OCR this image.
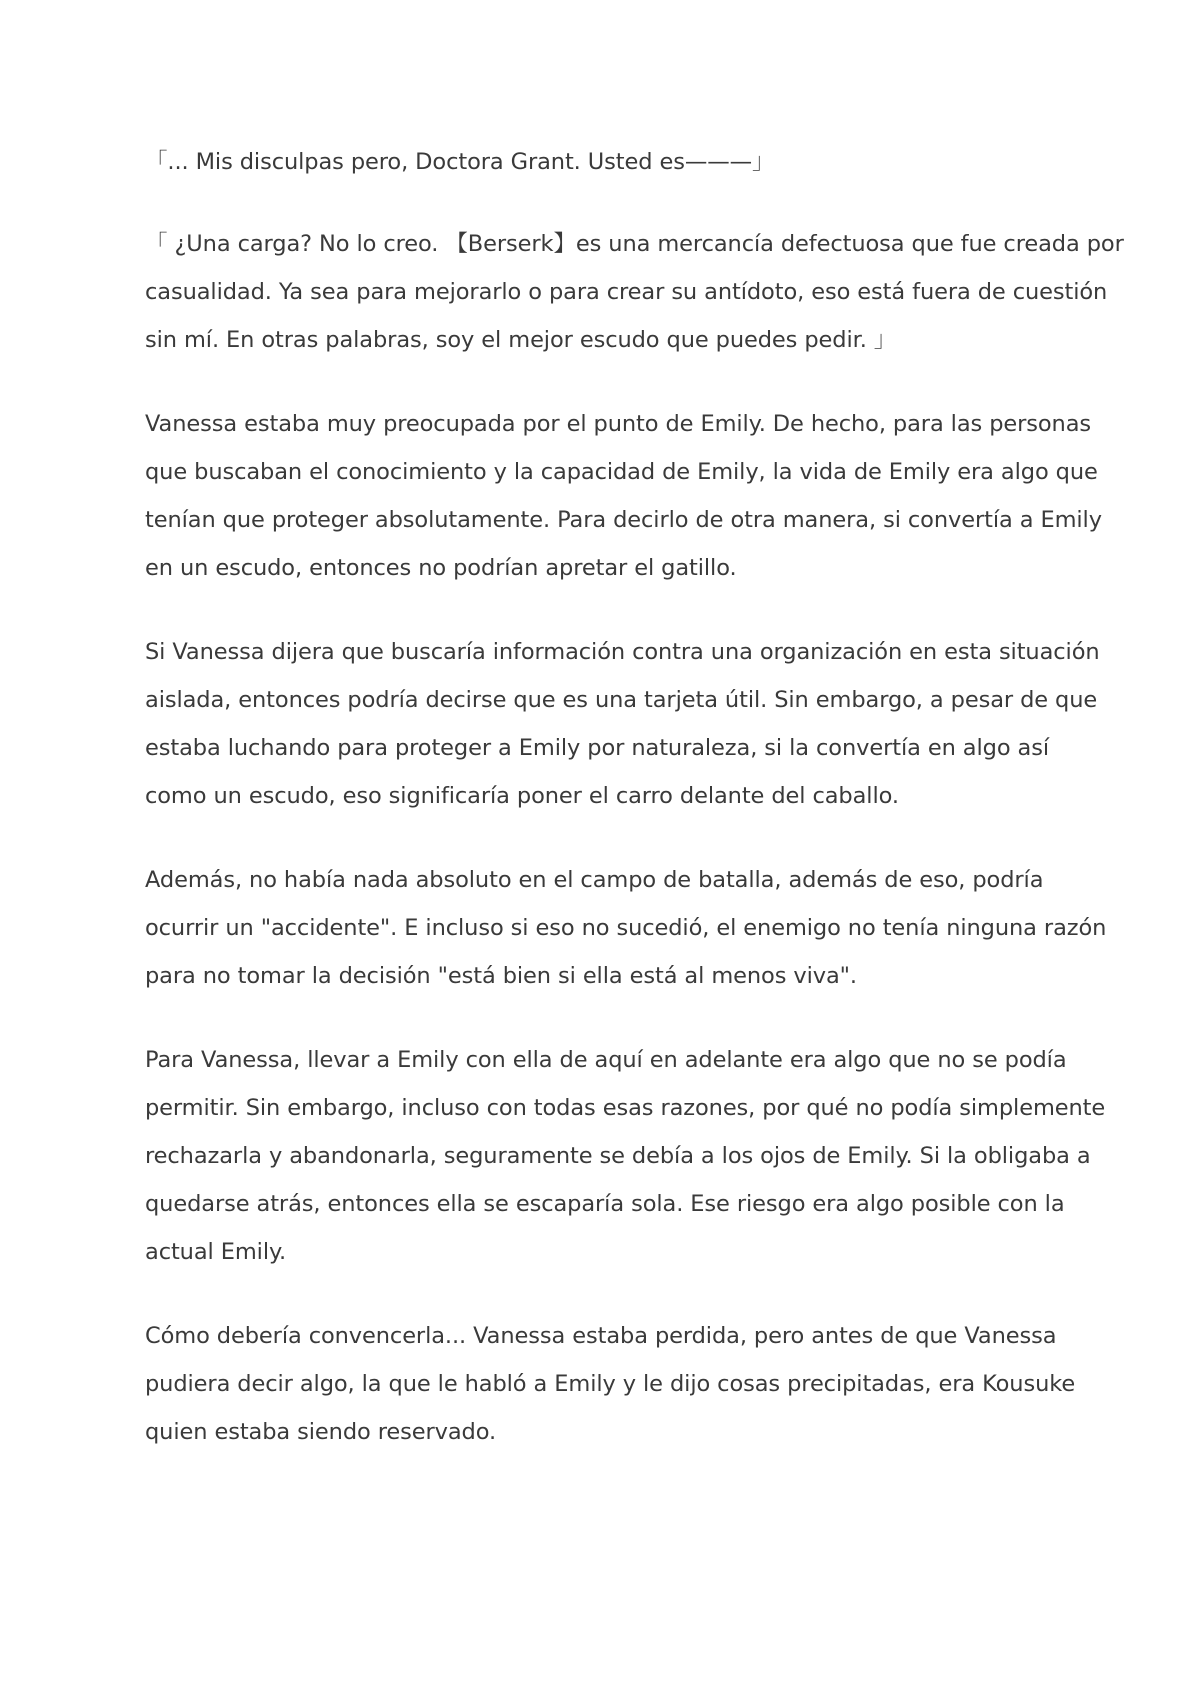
「... Mis disculpas pero, Doctora Grant. Usted es———」

「 ¿Una carga? No lo creo. 【Berserk】es una mercancía defectuosa que fue creada por
casualidad. Ya sea para mejorarlo o para crear su antídoto, eso está fuera de cuestión
sin mí. En otras palabras, soy el mejor escudo que puedes pedir. 」

Vanessa estaba muy preocupada por el punto de Emily. De hecho, para las personas
que buscaban el conocimiento y la capacidad de Emily, la vida de Emily era algo que
tenían que proteger absolutamente. Para decirlo de otra manera, si convertía a Emily
en un escudo, entonces no podrían apretar el gatillo.

Si Vanessa dijera que buscaría información contra una organización en esta situación
aislada, entonces podría decirse que es una tarjeta útil. Sin embargo, a pesar de que
estaba luchando para proteger a Emily por naturaleza, si la convertía en algo así
como un escudo, eso significaría poner el carro delante del caballo.

Además, no había nada absoluto en el campo de batalla, además de eso, podría
ocurrir un "accidente". E incluso si eso no sucedió, el enemigo no tenía ninguna razón
para no tomar la decisión "está bien si ella está al menos viva".

Para Vanessa, llevar a Emily con ella de aquí en adelante era algo que no se podía
permitir. Sin embargo, incluso con todas esas razones, por qué no podía simplemente
rechazarla y abandonarla, seguramente se debía a los ojos de Emily. Si la obligaba a
quedarse atrás, entonces ella se escaparía sola. Ese riesgo era algo posible con la
actual Emily.

Cómo debería convencerla... Vanessa estaba perdida, pero antes de que Vanessa
pudiera decir algo, la que le habló a Emily y le dijo cosas precipitadas, era Kousuke
quien estaba siendo reservado.
